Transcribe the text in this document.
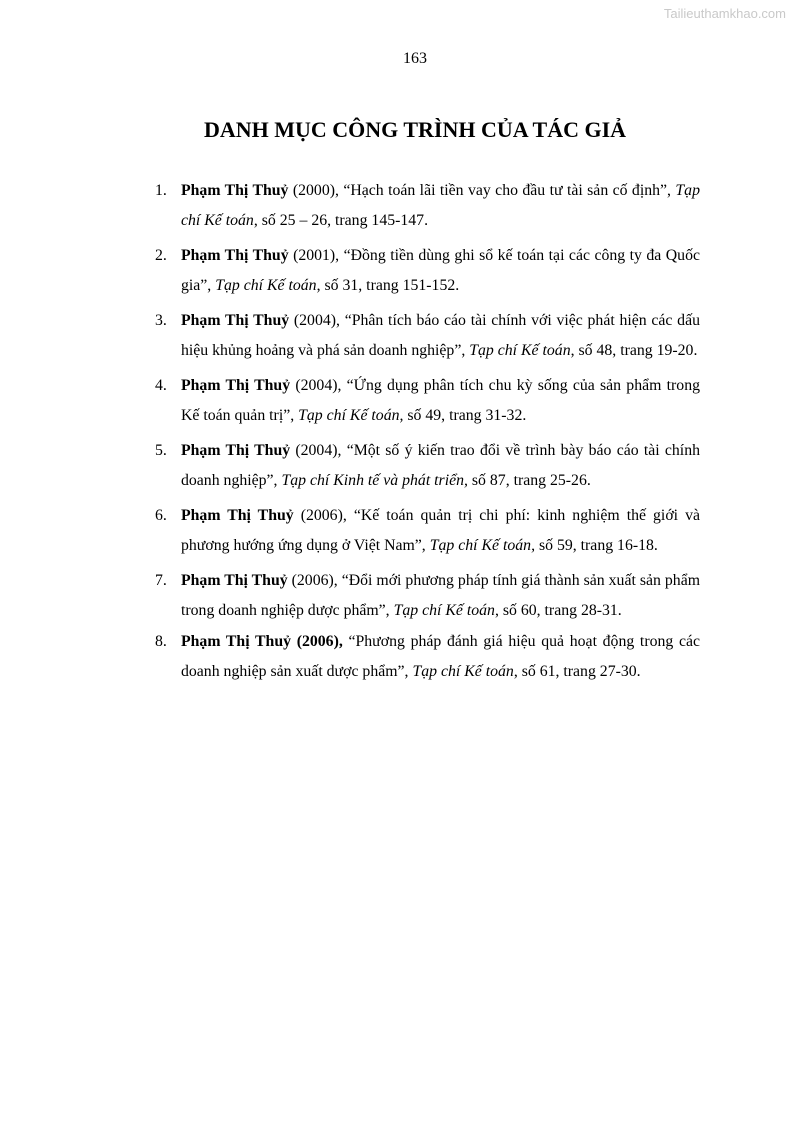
Tailieuthamkhao.com
163
DANH MỤC CÔNG TRÌNH CỦA TÁC GIẢ
1. Phạm Thị Thuỷ (2000), “Hạch toán lãi tiền vay cho đầu tư tài sản cố định”, Tạp chí Kế toán, số 25 – 26, trang 145-147.
2. Phạm Thị Thuỷ (2001), “Đồng tiền dùng ghi sổ kế toán tại các công ty đa Quốc gia”, Tạp chí Kế toán, số 31, trang 151-152.
3. Phạm Thị Thuỷ (2004), “Phân tích báo cáo tài chính với việc phát hiện các dấu hiệu khủng hoảng và phá sản doanh nghiệp”, Tạp chí Kế toán, số 48, trang 19-20.
4. Phạm Thị Thuỷ (2004), “Ứng dụng phân tích chu kỳ sống của sản phẩm trong Kế toán quản trị”, Tạp chí Kế toán, số 49, trang 31-32.
5. Phạm Thị Thuỷ (2004), “Một số ý kiến trao đổi về trình bày báo cáo tài chính doanh nghiệp”, Tạp chí Kinh tế và phát triển, số 87, trang 25-26.
6. Phạm Thị Thuỷ (2006), “Kế toán quản trị chi phí: kinh nghiệm thế giới và phương hướng ứng dụng ở Việt Nam”, Tạp chí Kế toán, số 59, trang 16-18.
7. Phạm Thị Thuỷ (2006), “Đổi mới phương pháp tính giá thành sản xuất sản phẩm trong doanh nghiệp dược phẩm”, Tạp chí Kế toán, số 60, trang 28-31.
8. Phạm Thị Thuỷ (2006), “Phương pháp đánh giá hiệu quả hoạt động trong các doanh nghiệp sản xuất dược phẩm”, Tạp chí Kế toán, số 61, trang 27-30.
